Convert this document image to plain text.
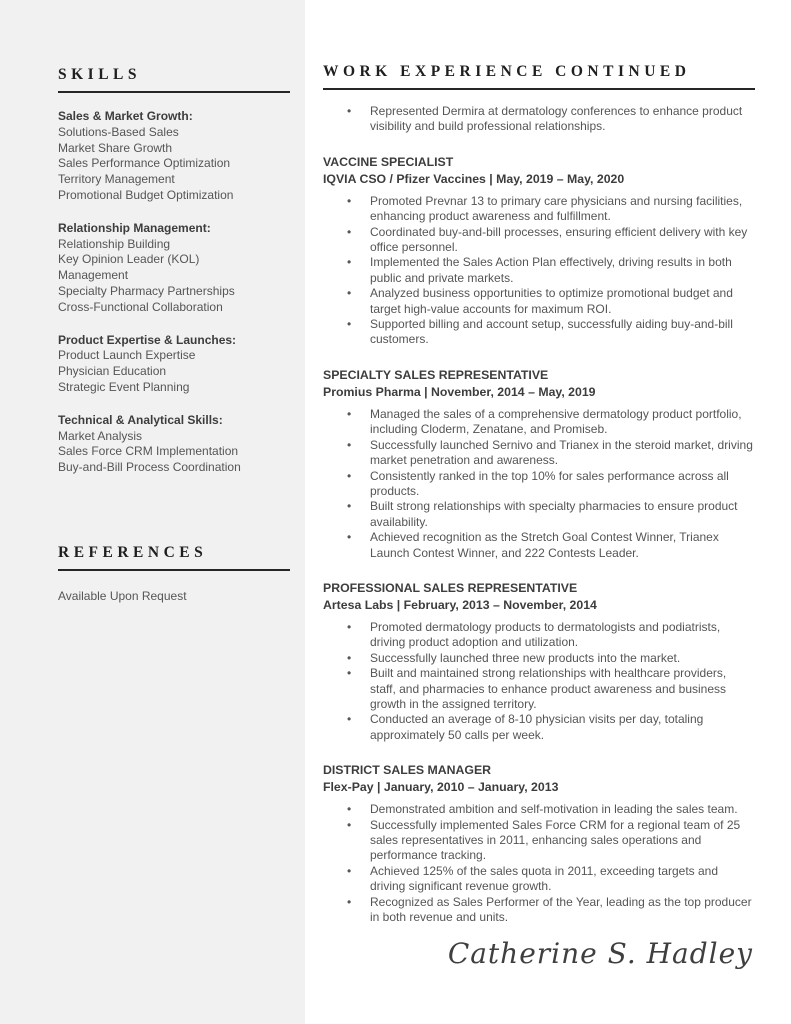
SKILLS
Sales & Market Growth:
Solutions-Based Sales
Market Share Growth
Sales Performance Optimization
Territory Management
Promotional Budget Optimization
Relationship Management:
Relationship Building
Key Opinion Leader (KOL) Management
Specialty Pharmacy Partnerships
Cross-Functional Collaboration
Product Expertise & Launches:
Product Launch Expertise
Physician Education
Strategic Event Planning
Technical & Analytical Skills:
Market Analysis
Sales Force CRM Implementation
Buy-and-Bill Process Coordination
REFERENCES

Available Upon Request

WORK EXPERIENCE CONTINUED
• Represented Dermira at dermatology conferences to enhance product visibility and build professional relationships.
VACCINE SPECIALIST
IQVIA CSO / Pfizer Vaccines | May, 2019 – May, 2020
• Promoted Prevnar 13 to primary care physicians and nursing facilities, enhancing product awareness and fulfillment.
• Coordinated buy-and-bill processes, ensuring efficient delivery with key office personnel.
• Implemented the Sales Action Plan effectively, driving results in both public and private markets.
• Analyzed business opportunities to optimize promotional budget and target high-value accounts for maximum ROI.
• Supported billing and account setup, successfully aiding buy-and-bill customers.
SPECIALTY SALES REPRESENTATIVE
Promius Pharma | November, 2014 – May, 2019
• Managed the sales of a comprehensive dermatology product portfolio, including Cloderm, Zenatane, and Promiseb.
• Successfully launched Sernivo and Trianex in the steroid market, driving market penetration and awareness.
• Consistently ranked in the top 10% for sales performance across all products.
• Built strong relationships with specialty pharmacies to ensure product availability.
• Achieved recognition as the Stretch Goal Contest Winner, Trianex Launch Contest Winner, and 222 Contests Leader.
PROFESSIONAL SALES REPRESENTATIVE
Artesa Labs | February, 2013 – November, 2014
• Promoted dermatology products to dermatologists and podiatrists, driving product adoption and utilization.
• Successfully launched three new products into the market.
• Built and maintained strong relationships with healthcare providers, staff, and pharmacies to enhance product awareness and business growth in the assigned territory.
• Conducted an average of 8-10 physician visits per day, totaling approximately 50 calls per week.
DISTRICT SALES MANAGER
Flex-Pay | January, 2010 – January, 2013
• Demonstrated ambition and self-motivation in leading the sales team.
• Successfully implemented Sales Force CRM for a regional team of 25 sales representatives in 2011, enhancing sales operations and performance tracking.
• Achieved 125% of the sales quota in 2011, exceeding targets and driving significant revenue growth.
• Recognized as Sales Performer of the Year, leading as the top producer in both revenue and units.
Catherine S. Hadley
